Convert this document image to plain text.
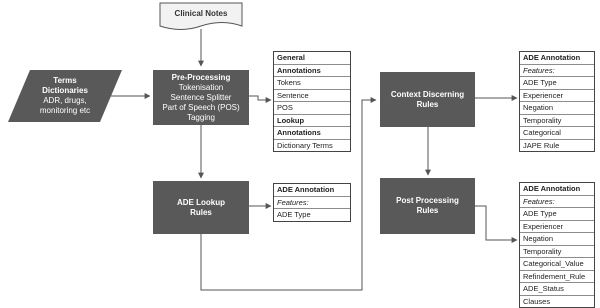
Clinical Notes
Terms
Dictionaries
ADR, drugs,
monitoring etc
Pre-Processing
Tokenisation
Sentence Splitter
Part of Speech (POS)
Tagging
ADE Lookup
Rules
Context Discerning
Rules
Post Processing
Rules
General
Annotations
Tokens
Sentence
POS
Lookup
Annotations
Dictionary Terms
ADE Annotation
Features:
ADE Type
ADE Annotation
Features:
ADE Type
Experiencer
Negation
Temporality
Categorical
JAPE Rule
ADE Annotation
Features:
ADE Type
Experiencer
Negation
Temporality
Categorical_Value
Refindement_Rule
ADE_Status
Clauses
